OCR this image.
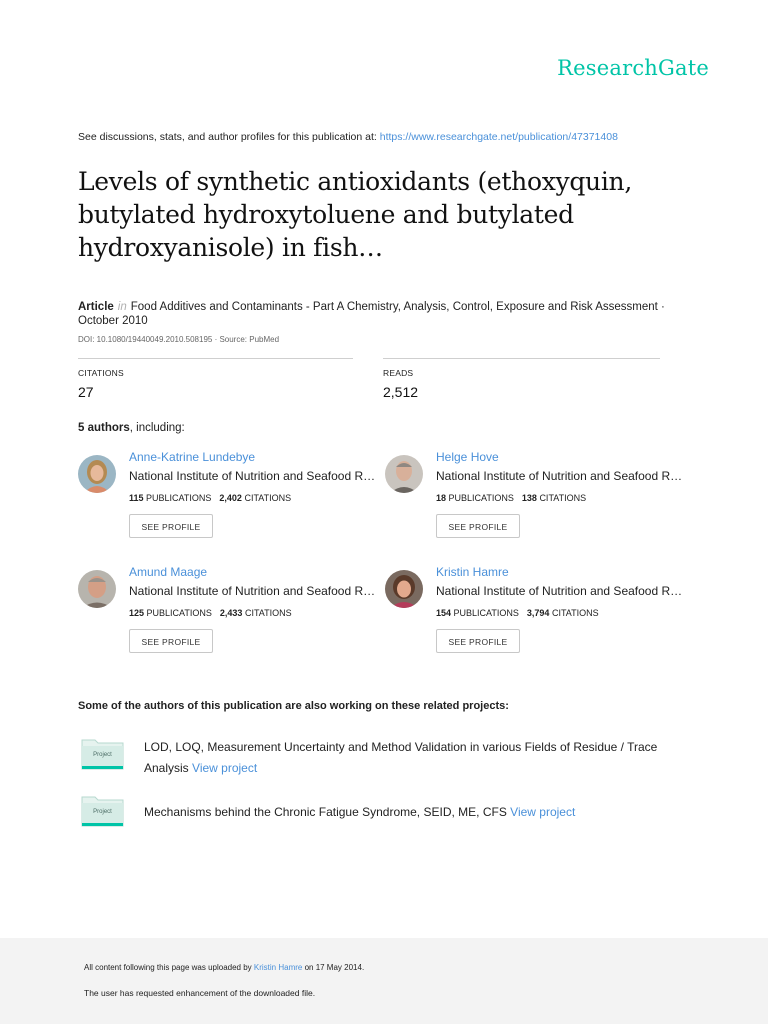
ResearchGate
See discussions, stats, and author profiles for this publication at: https://www.researchgate.net/publication/47371408
Levels of synthetic antioxidants (ethoxyquin, butylated hydroxytoluene and butylated hydroxyanisole) in fish…
Article in Food Additives and Contaminants - Part A Chemistry, Analysis, Control, Exposure and Risk Assessment ·
October 2010
DOI: 10.1080/19440049.2010.508195 · Source: PubMed
CITATIONS
27
READS
2,512
5 authors, including:
Anne-Katrine Lundebye
National Institute of Nutrition and Seafood R…
115 PUBLICATIONS 2,402 CITATIONS
SEE PROFILE
Helge Hove
National Institute of Nutrition and Seafood R…
18 PUBLICATIONS 138 CITATIONS
SEE PROFILE
Amund Maage
National Institute of Nutrition and Seafood R…
125 PUBLICATIONS 2,433 CITATIONS
SEE PROFILE
Kristin Hamre
National Institute of Nutrition and Seafood R…
154 PUBLICATIONS 3,794 CITATIONS
SEE PROFILE
Some of the authors of this publication are also working on these related projects:
Project
LOD, LOQ, Measurement Uncertainty and Method Validation in various Fields of Residue / Trace Analysis View project
Project	Mechanisms behind the Chronic Fatigue Syndrome, SEID, ME, CFS View project
All content following this page was uploaded by Kristin Hamre on 17 May 2014.
The user has requested enhancement of the downloaded file.
